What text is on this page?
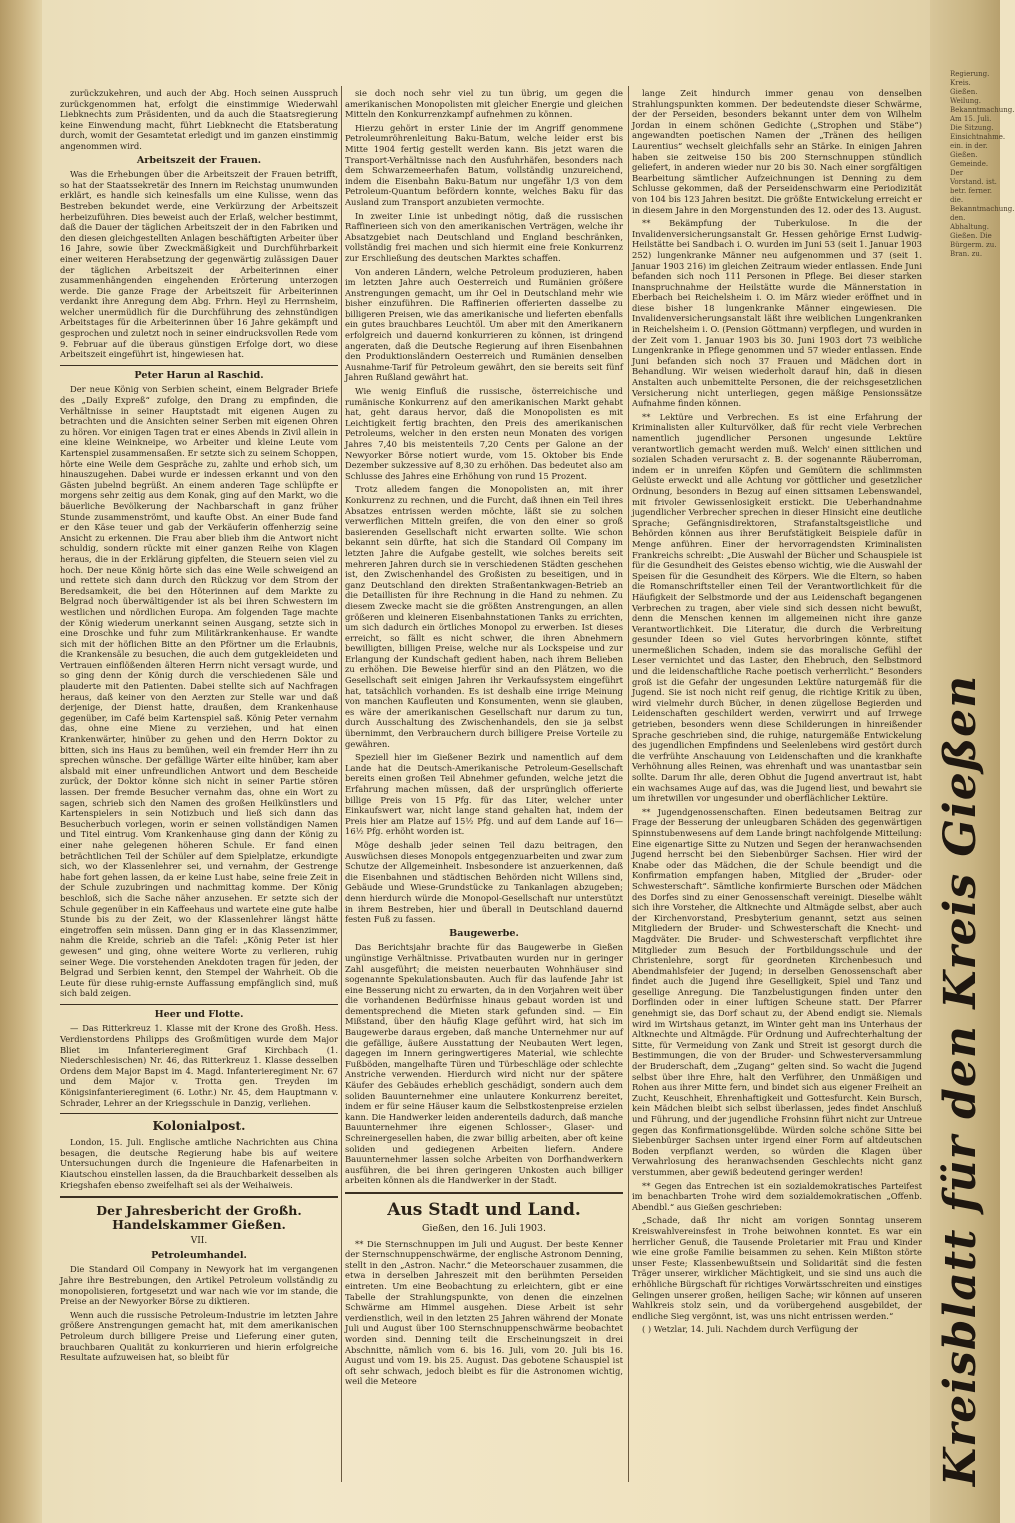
zurückzukehren, und auch der Abg. Hoch seinen Ausspruch zurückgenommen hat, erfolgt die einstimmige Wiederwahl Liebknechts zum Präsidenten, und da auch die Staatsregierung keine Einwendung macht, führt Liebknecht die Etatsberatung durch, womit der Gesamtetat erledigt und im ganzen einstimmig angenommen wird.

Arbeitszeit der Frauen.

Was die Erhebungen über die Arbeitszeit der Frauen betrifft, so hat der Staatssekretär des Innern im Reichstag unumwunden erklärt, es handle sich keinesfalls um eine Kulisse, wenn das Bestreben bekundet werde, eine Verkürzung der Arbeitszeit herbeizuführen. Dies beweist auch der Erlaß, welcher bestimmt, daß die Dauer der täglichen Arbeitszeit der in den Fabriken und den diesen gleichgestellten Anlagen beschäftigten Arbeiter über 16 Jahre, sowie über Zweckmäßigkeit und Durchführbarkeit einer weiteren Herabsetzung der gegenwärtig zulässigen Dauer der täglichen Arbeitszeit der Arbeiterinnen einer zusammenhängenden eingehenden Erörterung unterzogen werde. Die ganze Frage der Arbeitszeit für Arbeiterinnen verdankt ihre Anregung dem Abg. Frhrn. Heyl zu Herrnsheim, welcher unermüdlich für die Durchführung des zehnstündigen Arbeitstages für die Arbeiterinnen über 16 Jahre gekämpft und gesprochen und zuletzt noch in seiner eindrucksvollen Rede vom 9. Februar auf die überaus günstigen Erfolge dort, wo diese Arbeitszeit eingeführt ist, hingewiesen hat.

Peter Harun al Raschid.

Der neue König von Serbien scheint, einem Belgrader Briefe des „Daily Expreß“ zufolge, den Drang zu empfinden, die Verhältnisse in seiner Hauptstadt mit eigenen Augen zu betrachten und die Ansichten seiner Serben mit eigenen Ohren zu hören. Vor einigen Tagen trat er eines Abends in Zivil allein in eine kleine Weinkneipe, wo Arbeiter und kleine Leute vom Kartenspiel zusammensaßen. Er setzte sich zu seinem Schoppen, hörte eine Weile dem Gespräche zu, zahlte und erhob sich, um hinauszugehen. Dabei wurde er indessen erkannt und von den Gästen jubelnd begrüßt. An einem anderen Tage schlüpfte er morgens sehr zeitig aus dem Konak, ging auf den Markt, wo die bäuerliche Bevölkerung der Nachbarschaft in ganz früher Stunde zusammenströmt, und kaufte Obst. An einer Bude fand er den Käse teuer und gab der Verkäuferin offenherzig seine Ansicht zu erkennen. Die Frau aber blieb ihm die Antwort nicht schuldig, sondern rückte mit einer ganzen Reihe von Klagen heraus, die in der Erklärung gipfelten, die Steuern seien viel zu hoch. Der neue König hörte sich das eine Weile schweigend an und rettete sich dann durch den Rückzug vor dem Strom der Beredsamkeit, die bei den Höterinnen auf dem Markte zu Belgrad noch überwältigender ist als bei ihren Schwestern im westlichen und nördlichen Europa. Am folgenden Tage machte der König wiederum unerkannt seinen Ausgang, setzte sich in eine Droschke und fuhr zum Militärkrankenhause. Er wandte sich mit der höflichen Bitte an den Pförtner um die Erlaubnis, die Krankensäle zu besuchen, die auch dem gutgekleideten und Vertrauen einflößenden älteren Herrn nicht versagt wurde, und so ging denn der König durch die verschiedenen Säle und plauderte mit den Patienten. Dabei stellte sich auf Nachfragen heraus, daß keiner von den Aerzten zur Stelle war und daß derjenige, der Dienst hatte, draußen, dem Krankenhause gegenüber, im Café beim Kartenspiel saß. König Peter vernahm das, ohne eine Miene zu verziehen, und hat einen Krankenwärter, hinüber zu gehen und den Herrn Doktor zu bitten, sich ins Haus zu bemühen, weil ein fremder Herr ihn zu sprechen wünsche. Der gefällige Wärter eilte hinüber, kam aber alsbald mit einer unfreundlichen Antwort und dem Bescheide zurück, der Doktor könne sich nicht in seiner Partie stören lassen. Der fremde Besucher vernahm das, ohne ein Wort zu sagen, schrieb sich den Namen des großen Heilkünstlers und Kartenspielers in sein Notizbuch und ließ sich dann das Besucherbuch vorlegen, worin er seinen vollständigen Namen und Titel eintrug. Vom Krankenhause ging dann der König zu einer nahe gelegenen höheren Schule. Er fand einen beträchtlichen Teil der Schüler auf dem Spielplatze, erkundigte sich, wo der Klassenlehrer sei, und vernahm, der Gestrenge habe fort gehen lassen, da er keine Lust habe, seine freie Zeit in der Schule zuzubringen und nachmittag komme. Der König beschloß, sich die Sache näher anzusehen. Er setzte sich der Schule gegenüber in ein Kaffeehaus und wartete eine gute halbe Stunde bis zu der Zeit, wo der Klassenlehrer längst hätte eingetroffen sein müssen. Dann ging er in das Klassenzimmer, nahm die Kreide, schrieb an die Tafel: „König Peter ist hier gewesen“ und ging, ohne weitere Worte zu verlieren, ruhig seiner Wege. Die vorstehenden Anekdoten tragen für jeden, der Belgrad und Serbien kennt, den Stempel der Wahrheit. Ob die Leute für diese ruhig-ernste Auffassung empfänglich sind, muß sich bald zeigen.

Heer und Flotte.

— Das Ritterkreuz 1. Klasse mit der Krone des Großh. Hess. Verdienstordens Philipps des Großmütigen wurde dem Major Bliet im Infanterieregiment Graf Kirchbach (1. Niederschlesischen) Nr. 46, das Ritterkreuz 1. Klasse desselben Ordens dem Major Bapst im 4. Magd. Infanterieregiment Nr. 67 und dem Major v. Trotta gen. Treyden im Königsinfanterieregiment (6. Lothr.) Nr. 45, dem Hauptmann v. Schrader, Lehrer an der Kriegsschule in Danzig, verliehen.

Kolonialpost.

London, 15. Juli. Englische amtliche Nachrichten aus China besagen, die deutsche Regierung habe bis auf weitere Untersuchungen durch die Ingenieure die Hafenarbeiten in Kiautschou einstellen lassen, da die Brauchbarkeit desselben als Kriegshafen ebenso zweifelhaft sei als der Weihaiweis.

Der Jahresbericht der Großh. Handelskammer Gießen.
VII.
Petroleumhandel.

Die Standard Oil Company in Newyork hat im vergangenen Jahre ihre Bestrebungen, den Artikel Petroleum vollständig zu monopolisieren, fortgesetzt und war nach wie vor im stande, die Preise an der Newyorker Börse zu diktieren.

Wenn auch die russische Petroleum-Industrie im letzten Jahre größere Anstrengungen gemacht hat, mit dem amerikanischen Petroleum durch billigere Preise und Lieferung einer guten, brauchbaren Qualität zu konkurrieren und hierin erfolgreiche Resultate aufzuweisen hat, so bleibt für

sie doch noch sehr viel zu tun übrig, um gegen die amerikanischen Monopolisten mit gleicher Energie und gleichen Mitteln den Konkurrenzkampf aufnehmen zu können.

Hierzu gehört in erster Linie der im Angriff genommene Petroleumröhrenleitung Baku-Batum, welche leider erst bis Mitte 1904 fertig gestellt werden kann. Bis jetzt waren die Transport-Verhältnisse nach den Ausfuhrhäfen, besonders nach dem Schwarzemeerhafen Batum, vollständig unzureichend, indem die Eisenbahn Baku-Batum nur ungefähr 1/3 von dem Petroleum-Quantum befördern konnte, welches Baku für das Ausland zum Transport anzubieten vermochte.

In zweiter Linie ist unbedingt nötig, daß die russischen Raffinerieen sich von den amerikanischen Verträgen, welche ihr Absatzgebiet nach Deutschland und England beschränken, vollständig frei machen und sich hiermit eine freie Konkurrenz zur Erschließung des deutschen Marktes schaffen.

Von anderen Ländern, welche Petroleum produzieren, haben im letzten Jahre auch Oesterreich und Rumänien größere Anstrengungen gemacht, um ihr Oel in Deutschland mehr wie bisher einzuführen. Die Raffinerien offerierten dasselbe zu billigeren Preisen, wie das amerikanische und lieferten ebenfalls ein gutes brauchbares Leuchtöl. Um aber mit den Amerikanern erfolgreich und dauernd konkurrieren zu können, ist dringend angeraten, daß die Deutsche Regierung auf ihren Eisenbahnen den Produktionsländern Oesterreich und Rumänien denselben Ausnahme-Tarif für Petroleum gewährt, den sie bereits seit fünf Jahren Rußland gewährt hat.

Wie wenig Einfluß die russische, österreichische und rumänische Konkurrenz auf den amerikanischen Markt gehabt hat, geht daraus hervor, daß die Monopolisten es mit Leichtigkeit fertig brachten, den Preis des amerikanischen Petroleums, welcher in den ersten neun Monaten des vorigen Jahres 7,40 bis meistenteils 7,20 Cents per Galone an der Newyorker Börse notiert wurde, vom 15. Oktober bis Ende Dezember sukzessive auf 8,30 zu erhöhen. Das bedeutet also am Schlusse des Jahres eine Erhöhung von rund 15 Prozent.

Trotz alledem fangen die Monopolisten an, mit ihrer Konkurrenz zu rechnen, und die Furcht, daß ihnen ein Teil ihres Absatzes entrissen werden möchte, läßt sie zu solchen verwerflichen Mitteln greifen, die von den einer so groß basierenden Gesellschaft nicht erwarten sollte. Wie schon bekannt sein dürfte, hat sich die Standard Oil Company im letzten Jahre die Aufgabe gestellt, wie solches bereits seit mehreren Jahren durch sie in verschiedenen Städten geschehen ist, den Zwischenhandel des Großisten zu beseitigen, und in ganz Deutschland den direkten Straßentankwagen-Betrieb an die Detaillisten für ihre Rechnung in die Hand zu nehmen. Zu diesem Zwecke macht sie die größten Anstrengungen, an allen größeren und kleineren Eisenbahnstationen Tanks zu errichten, um sich dadurch ein örtliches Monopol zu erwerben. Ist dieses erreicht, so fällt es nicht schwer, die ihren Abnehmern bewilligten, billigen Preise, welche nur als Lockspeise und zur Erlangung der Kundschaft gedient haben, nach ihrem Belieben zu erhöhen. Die Beweise hierfür sind an den Plätzen, wo die Gesellschaft seit einigen Jahren ihr Verkaufssystem eingeführt hat, tatsächlich vorhanden. Es ist deshalb eine irrige Meinung von manchen Kaufleuten und Konsumenten, wenn sie glauben, es wäre der amerikanischen Gesellschaft nur darum zu tun, durch Ausschaltung des Zwischenhandels, den sie ja selbst übernimmt, den Verbrauchern durch billigere Preise Vorteile zu gewähren.

Speziell hier im Gießener Bezirk und namentlich auf dem Lande hat die Deutsch-Amerikanische Petroleum-Gesellschaft bereits einen großen Teil Abnehmer gefunden, welche jetzt die Erfahrung machen müssen, daß der ursprünglich offerierte billige Preis von 15 Pfg. für das Liter, welcher unter Einkaufswert war, nicht lange stand gehalten hat, indem der Preis hier am Platze auf 15½ Pfg. und auf dem Lande auf 16—16½ Pfg. erhöht worden ist.

Möge deshalb jeder seinen Teil dazu beitragen, den Auswüchsen dieses Monopols entgegenzuarbeiten und zwar zum Schutze der Allgemeinheit. Insbesondere ist anzuerkennen, daß die Eisenbahnen und städtischen Behörden nicht Willens sind, Gebäude und Wiese-Grundstücke zu Tankanlagen abzugeben; denn hierdurch würde die Monopol-Gesellschaft nur unterstützt in ihrem Bestreben, hier und überall in Deutschland dauernd festen Fuß zu fassen.

Baugewerbe.

Das Berichtsjahr brachte für das Baugewerbe in Gießen ungünstige Verhältnisse. Privatbauten wurden nur in geringer Zahl ausgeführt; die meisten neuerbauten Wohnhäuser sind sogenannte Spekulationsbauten. Auch für das laufende Jahr ist eine Besserung nicht zu erwarten, da in den Vorjahren weit über die vorhandenen Bedürfnisse hinaus gebaut worden ist und dementsprechend die Mieten stark gefunden sind. — Ein Mißstand, über den häufig Klage geführt wird, hat sich im Baugewerbe daraus ergeben, daß manche Unternehmer nur auf die gefällige, äußere Ausstattung der Neubauten Wert legen, dagegen im Innern geringwertigeres Material, wie schlechte Fußböden, mangelhafte Türen und Türbeschläge oder schlechte Anstriche verwenden. Hierdurch wird nicht nur der spätere Käufer des Gebäudes erheblich geschädigt, sondern auch dem soliden Bauunternehmer eine unlautere Konkurrenz bereitet, indem er für seine Häuser kaum die Selbstkostenpreise erzielen kann. Die Handwerker leiden anderenteils dadurch, daß manche Bauunternehmer ihre eigenen Schlosser-, Glaser- und Schreinergesellen haben, die zwar billig arbeiten, aber oft keine soliden und gediegenen Arbeiten liefern. Andere Bauunternehmer lassen solche Arbeiten von Dorfhandwerkern ausführen, die bei ihren geringeren Unkosten auch billiger arbeiten können als die Handwerker in der Stadt.

Aus Stadt und Land.
Gießen, den 16. Juli 1903.

** Die Sternschnuppen im Juli und August. Der beste Kenner der Sternschnuppenschwärme, der englische Astronom Denning, stellt in den „Astron. Nachr.“ die Meteorschauer zusammen, die etwa in derselben Jahreszeit mit den berühmten Perseiden eintreten. Um eine Beobachtung zu erleichtern, gibt er eine Tabelle der Strahlungspunkte, von denen die einzelnen Schwärme am Himmel ausgehen. Diese Arbeit ist sehr verdienstlich, weil in den letzten 25 Jahren während der Monate Juli und August über 100 Sternschnuppenschwärme beobachtet worden sind. Denning teilt die Erscheinungszeit in drei Abschnitte, nämlich vom 6. bis 16. Juli, vom 20. Juli bis 16. August und vom 19. bis 25. August. Das gebotene Schauspiel ist oft sehr schwach, jedoch bleibt es für die Astronomen wichtig, weil die Meteore

lange Zeit hindurch immer genau von denselben Strahlungspunkten kommen. Der bedeutendste dieser Schwärme, der der Perseiden, besonders bekannt unter dem von Wilhelm Jordan in einem schönen Gedichte („Strophen und Stäbe“) angewandten poetischen Namen der „Tränen des heiligen Laurentius“ wechselt gleichfalls sehr an Stärke. In einigen Jahren haben sie zeitweise 150 bis 200 Sternschnuppen stündlich geliefert, in anderen wieder nur 20 bis 30. Nach einer sorgfältigen Bearbeitung sämtlicher Aufzeichnungen ist Denning zu dem Schlusse gekommen, daß der Perseidenschwarm eine Periodizität von 104 bis 123 Jahren besitzt. Die größte Entwickelung erreicht er in diesem Jahre in den Morgenstunden des 12. oder des 13. August.

** Bekämpfung der Tuberkulose. In die der Invalidenversicherungsanstalt Gr. Hessen gehörige Ernst Ludwig-Heilstätte bei Sandbach i. O. wurden im Juni 53 (seit 1. Januar 1903 252) lungenkranke Männer neu aufgenommen und 37 (seit 1. Januar 1903 216) im gleichen Zeitraum wieder entlassen. Ende Juni befanden sich noch 111 Personen in Pflege. Bei dieser starken Inanspruchnahme der Heilstätte wurde die Männerstation in Eberbach bei Reichelsheim i. O. im März wieder eröffnet und in diese bisher 18 lungenkranke Männer eingewiesen. Die Invalidenversicherungsanstalt läßt ihre weiblichen Lungenkranken in Reichelsheim i. O. (Pension Göttmann) verpflegen, und wurden in der Zeit vom 1. Januar 1903 bis 30. Juni 1903 dort 73 weibliche Lungenkranke in Pflege genommen und 57 wieder entlassen. Ende Juni befanden sich noch 37 Frauen und Mädchen dort in Behandlung. Wir weisen wiederholt darauf hin, daß in diesen Anstalten auch unbemittelte Personen, die der reichsgesetzlichen Versicherung nicht unterliegen, gegen mäßige Pensionssätze Aufnahme finden können.

** Lektüre und Verbrechen. Es ist eine Erfahrung der Kriminalisten aller Kulturvölker, daß für recht viele Verbrechen namentlich jugendlicher Personen ungesunde Lektüre verantwortlich gemacht werden muß. Welch' einen sittlichen und sozialen Schaden verursacht z. B. der sogenannte Räuberroman, indem er in unreifen Köpfen und Gemütern die schlimmsten Gelüste erweckt und alle Achtung vor göttlicher und gesetzlicher Ordnung, besonders in Bezug auf einen sittsamen Lebenswandel, mit frivoler Gewissenlosigkeit erstickt. Die Ueberhandnahme jugendlicher Verbrecher sprechen in dieser Hinsicht eine deutliche Sprache; Gefängnisdirektoren, Strafanstaltsgeistliche und Behörden können aus ihrer Berufstätigkeit Beispiele dafür in Menge anführen. Einer der hervorragendsten Kriminalisten Frankreichs schreibt: „Die Auswahl der Bücher und Schauspiele ist für die Gesundheit des Geistes ebenso wichtig, wie die Auswahl der Speisen für die Gesundheit des Körpers. Wie die Eltern, so haben die Romanschriftsteller einen Teil der Verantwortlichkeit für die Häufigkeit der Selbstmorde und der aus Leidenschaft begangenen Verbrechen zu tragen, aber viele sind sich dessen nicht bewußt, denn die Menschen kennen im allgemeinen nicht ihre ganze Verantwortlichkeit. Die Literatur, die durch die Verbreitung gesunder Ideen so viel Gutes hervorbringen könnte, stiftet unermeßlichen Schaden, indem sie das moralische Gefühl der Leser vernichtet und das Laster, den Ehebruch, den Selbstmord und die leidenschaftliche Rache poetisch verherrlicht.“ Besonders groß ist die Gefahr der ungesunden Lektüre naturgemäß für die Jugend. Sie ist noch nicht reif genug, die richtige Kritik zu üben, wird vielmehr durch Bücher, in denen zügellose Begierden und Leidenschaften geschildert werden, verwirrt und auf Irrwege getrieben, besonders wenn diese Schilderungen in hinreißender Sprache geschrieben sind, die ruhige, naturgemäße Entwickelung des jugendlichen Empfindens und Seelenlebens wird gestört durch die verfrühte Anschauung von Leidenschaften und die krankhafte Verhöhnung alles Reinen, was ehrenhaft und was unantastbar sein sollte. Darum Ihr alle, deren Obhut die Jugend anvertraut ist, habt ein wachsames Auge auf das, was die Jugend liest, und bewahrt sie um ihretwillen vor ungesunder und oberflächlicher Lektüre.

** Jugendgenossenschaften. Einen bedeutsamen Beitrag zur Frage der Besserung der unleugbaren Schäden des gegenwärtigen Spinnstubenwesens auf dem Lande bringt nachfolgende Mitteilung: Eine eigenartige Sitte zu Nutzen und Segen der heranwachsenden Jugend herrscht bei den Siebenbürger Sachsen. Hier wird der Knabe oder das Mädchen, die der Schule beendigt und die Konfirmation empfangen haben, Mitglied der „Bruder- oder Schwesterschaft“. Sämtliche konfirmierte Burschen oder Mädchen des Dorfes sind zu einer Genossenschaft vereinigt. Dieselbe wählt sich ihre Vorsteher, die Altknechte und Altmägde selbst, aber auch der Kirchenvorstand, Presbyterium genannt, setzt aus seinen Mitgliedern der Bruder- und Schwesterschaft die Knecht- und Magdväter. Die Bruder- und Schwesterschaft verpflichtet ihre Mitglieder zum Besuch der Fortbildungsschule und der Christenlehre, sorgt für geordneten Kirchenbesuch und Abendmahlsfeier der Jugend; in derselben Genossenschaft aber findet auch die Jugend ihre Geselligkeit, Spiel und Tanz und gesellige Anregung. Die Tanzbelustigungen finden unter den Dorflinden oder in einer luftigen Scheune statt. Der Pfarrer genehmigt sie, das Dorf schaut zu, der Abend endigt sie. Niemals wird im Wirtshaus getanzt, im Winter geht man ins Unterhaus der Altknechte und Altmägde. Für Ordnung und Aufrechterhaltung der Sitte, für Vermeidung von Zank und Streit ist gesorgt durch die Bestimmungen, die von der Bruder- und Schwesterversammlung der Bruderschaft, dem „Zugang“ gelten sind. So wacht die Jugend selbst über ihre Ehre, halt den Verführer, den Unmäßigen und Rohen aus ihrer Mitte fern, und bindet sich aus eigener Freiheit an Zucht, Keuschheit, Ehrenhaftigkeit und Gottesfurcht. Kein Bursch, kein Mädchen bleibt sich selbst überlassen, jedes findet Anschluß und Führung, und der jugendliche Frohsinn führt nicht zur Untreue gegen das Konfirmationsgelübde. Würden solche schöne Sitte bei Siebenbürger Sachsen unter irgend einer Form auf altdeutschen Boden verpflanzt werden, so würden die Klagen über Verwahrlosung des heranwachsenden Geschlechts nicht ganz verstummen, aber gewiß bedeutend geringer werden!

** Gegen das Entrechen ist ein sozialdemokratisches Parteifest im benachbarten Trohe wird dem sozialdemokratischen „Offenb. Abendbl.“ aus Gießen geschrieben:

„Schade, daß Ihr nicht am vorigen Sonntag unserem Kreiswahlvereinsfest in Trohe beiwohnen konntet. Es war ein herrlicher Genuß, die Tausende Proletarier mit Frau und Kinder wie eine große Familie beisammen zu sehen. Kein Mißton störte unser Feste; Klassenbewußtsein und Solidarität sind die festen Träger unserer, wirklicher Mächtigkeit, und sie sind uns auch die erhöhliche Bürgschaft für richtiges Vorwärtsschreiten und einstiges Gelingen unserer großen, heiligen Sache; wir können auf unseren Wahlkreis stolz sein, und da vorübergehend ausgebildet, der endliche Sieg vergönnt, ist, was uns nicht entrissen werden.“

( ) Wetzlar, 14. Juli. Nachdem durch Verfügung der

Regierung. Kreis. Gießen. Weilung. Bekanntmachung. Am 15. Juli. Die Sitzung. Einsichtnahme. ein. in der. Gießen. Gemeinde. Der Vorstand. ist. betr. ferner. die. Bekanntmachung. den. Abhaltung. Gießen. Die Bürgerm. zu. Bran. zu.
Kreisblatt für den Kreis Gießen
